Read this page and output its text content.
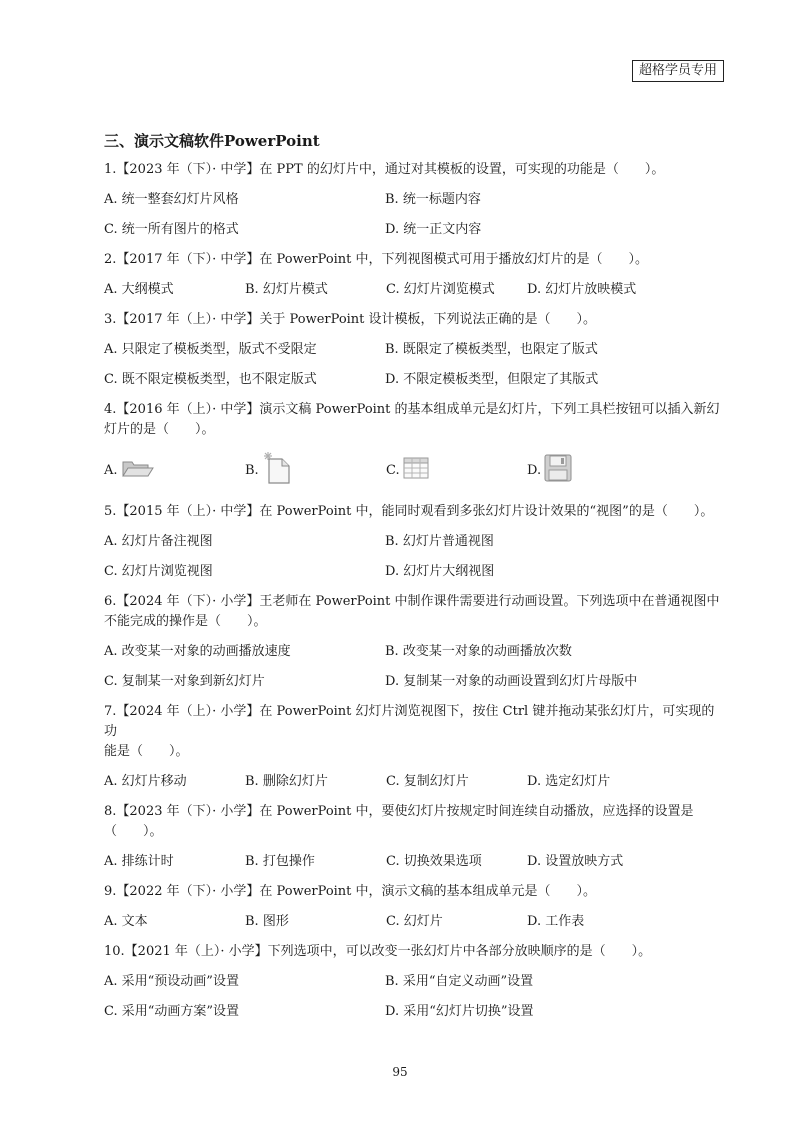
超格学员专用
三、演示文稿软件PowerPoint
1.【2023 年（下）· 中学】在 PPT 的幻灯片中，通过对其模板的设置，可实现的功能是（　　）。
A. 统一整套幻灯片风格	B. 统一标题内容
C. 统一所有图片的格式	D. 统一正文内容
2.【2017 年（下）· 中学】在 PowerPoint 中，下列视图模式可用于播放幻灯片的是（　　）。
A. 大纲模式	B. 幻灯片模式	C. 幻灯片浏览模式	D. 幻灯片放映模式
3.【2017 年（上）· 中学】关于 PowerPoint 设计模板，下列说法正确的是（　　）。
A. 只限定了模板类型，版式不受限定	B. 既限定了模板类型，也限定了版式
C. 既不限定模板类型，也不限定版式	D. 不限定模板类型，但限定了其版式
4.【2016 年（上）· 中学】演示文稿 PowerPoint 的基本组成单元是幻灯片，下列工具栏按钮可以插入新幻
灯片的是（　　）。
A.	B.	C.	D.
5.【2015 年（上）· 中学】在 PowerPoint 中，能同时观看到多张幻灯片设计效果的“视图”的是（　　）。
A. 幻灯片备注视图	B. 幻灯片普通视图
C. 幻灯片浏览视图	D. 幻灯片大纲视图
6.【2024 年（下）· 小学】王老师在 PowerPoint 中制作课件需要进行动画设置。下列选项中在普通视图中
不能完成的操作是（　　）。
A. 改变某一对象的动画播放速度	B. 改变某一对象的动画播放次数
C. 复制某一对象到新幻灯片	D. 复制某一对象的动画设置到幻灯片母版中
7.【2024 年（上）· 小学】在 PowerPoint 幻灯片浏览视图下，按住 Ctrl 键并拖动某张幻灯片，可实现的功
能是（　　）。
A. 幻灯片移动	B. 删除幻灯片	C. 复制幻灯片	D. 选定幻灯片
8.【2023 年（下）· 小学】在 PowerPoint 中，要使幻灯片按规定时间连续自动播放，应选择的设置是（　　）。
A. 排练计时	B. 打包操作	C. 切换效果选项	D. 设置放映方式
9.【2022 年（下）· 小学】在 PowerPoint 中，演示文稿的基本组成单元是（　　）。
A. 文本	B. 图形	C. 幻灯片	D. 工作表
10.【2021 年（上）· 小学】下列选项中，可以改变一张幻灯片中各部分放映顺序的是（　　）。
A. 采用“预设动画”设置	B. 采用“自定义动画”设置
C. 采用“动画方案”设置	D. 采用“幻灯片切换”设置
95
